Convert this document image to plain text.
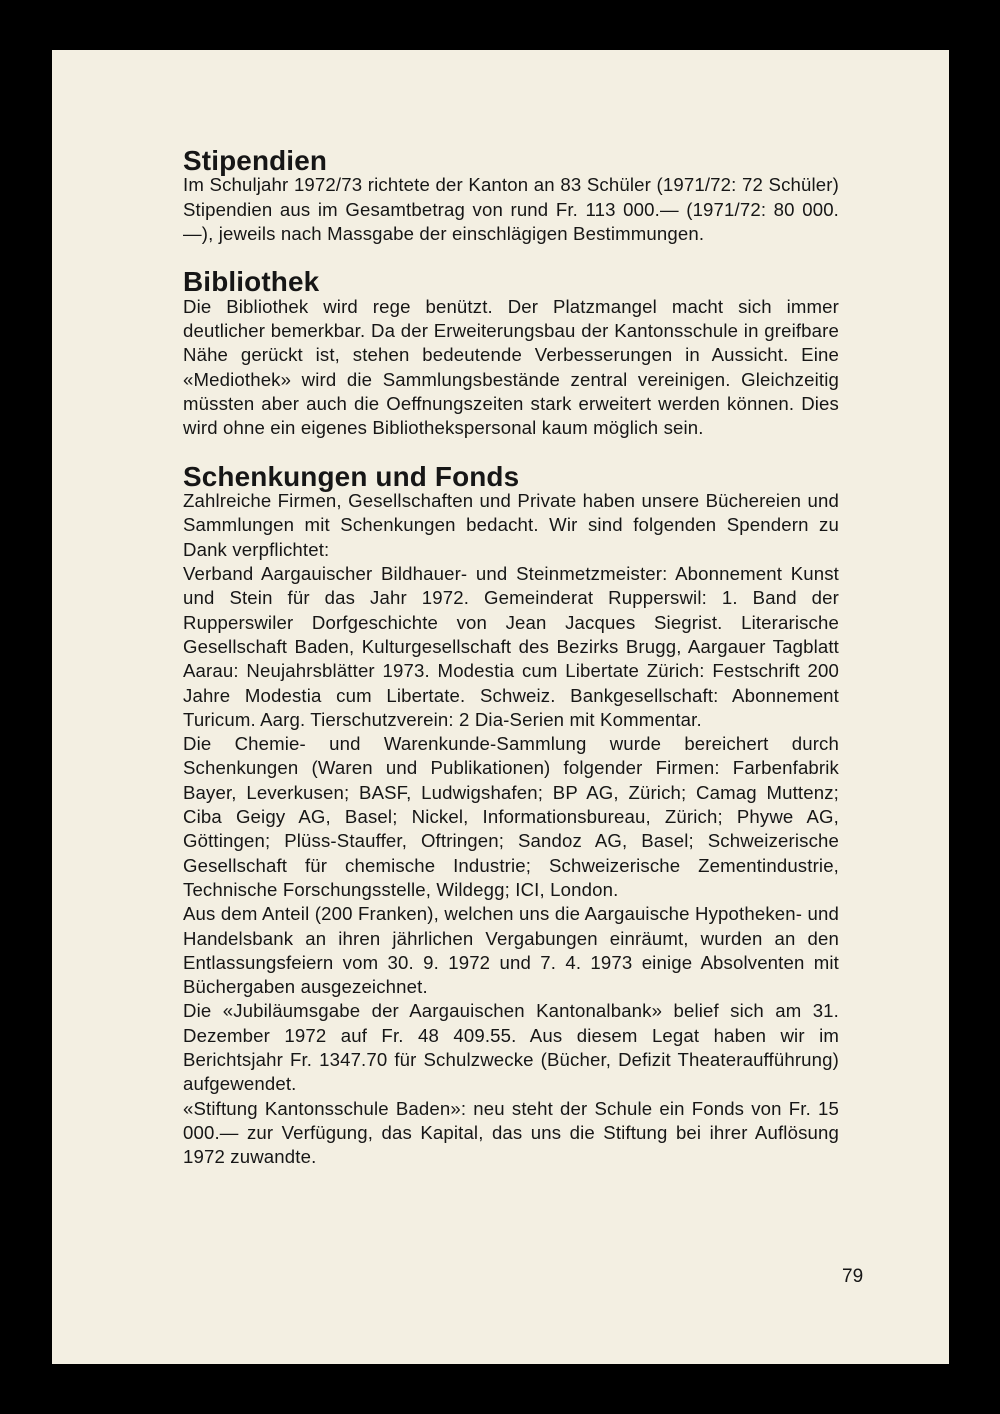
Stipendien

Im Schuljahr 1972/73 richtete der Kanton an 83 Schüler (1971/72: 72 Schüler) Stipendien aus im Gesamtbetrag von rund Fr. 113 000.— (1971/72: 80 000.—), jeweils nach Massgabe der einschlägigen Bestimmungen.

Bibliothek

Die Bibliothek wird rege benützt. Der Platzmangel macht sich immer deutlicher bemerkbar. Da der Erweiterungsbau der Kantonsschule in greifbare Nähe gerückt ist, stehen bedeutende Verbesserungen in Aussicht. Eine «Mediothek» wird die Sammlungsbestände zentral vereinigen. Gleichzeitig müssten aber auch die Oeffnungszeiten stark erweitert werden können. Dies wird ohne ein eigenes Bibliothekspersonal kaum möglich sein.

Schenkungen und Fonds

Zahlreiche Firmen, Gesellschaften und Private haben unsere Büchereien und Sammlungen mit Schenkungen bedacht. Wir sind folgenden Spendern zu Dank verpflichtet:

Verband Aargauischer Bildhauer- und Steinmetzmeister: Abonnement Kunst und Stein für das Jahr 1972. Gemeinderat Rupperswil: 1. Band der Rupperswiler Dorfgeschichte von Jean Jacques Siegrist. Literarische Gesellschaft Baden, Kulturgesellschaft des Bezirks Brugg, Aargauer Tagblatt Aarau: Neujahrsblätter 1973. Modestia cum Libertate Zürich: Festschrift 200 Jahre Modestia cum Libertate. Schweiz. Bankgesellschaft: Abonnement Turicum. Aarg. Tierschutzverein: 2 Dia-Serien mit Kommentar.

Die Chemie- und Warenkunde-Sammlung wurde bereichert durch Schenkungen (Waren und Publikationen) folgender Firmen: Farbenfabrik Bayer, Leverkusen; BASF, Ludwigshafen; BP AG, Zürich; Camag Muttenz; Ciba Geigy AG, Basel; Nickel, Informationsbureau, Zürich; Phywe AG, Göttingen; Plüss-Stauffer, Oftringen; Sandoz AG, Basel; Schweizerische Gesellschaft für chemische Industrie; Schweizerische Zementindustrie, Technische Forschungsstelle, Wildegg; ICI, London.

Aus dem Anteil (200 Franken), welchen uns die Aargauische Hypotheken- und Handelsbank an ihren jährlichen Vergabungen einräumt, wurden an den Entlassungsfeiern vom 30. 9. 1972 und 7. 4. 1973 einige Absolventen mit Büchergaben ausgezeichnet.

Die «Jubiläumsgabe der Aargauischen Kantonalbank» belief sich am 31. Dezember 1972 auf Fr. 48 409.55. Aus diesem Legat haben wir im Berichtsjahr Fr. 1347.70 für Schulzwecke (Bücher, Defizit Theateraufführung) aufgewendet.

«Stiftung Kantonsschule Baden»: neu steht der Schule ein Fonds von Fr. 15 000.— zur Verfügung, das Kapital, das uns die Stiftung bei ihrer Auflösung 1972 zuwandte.

79
